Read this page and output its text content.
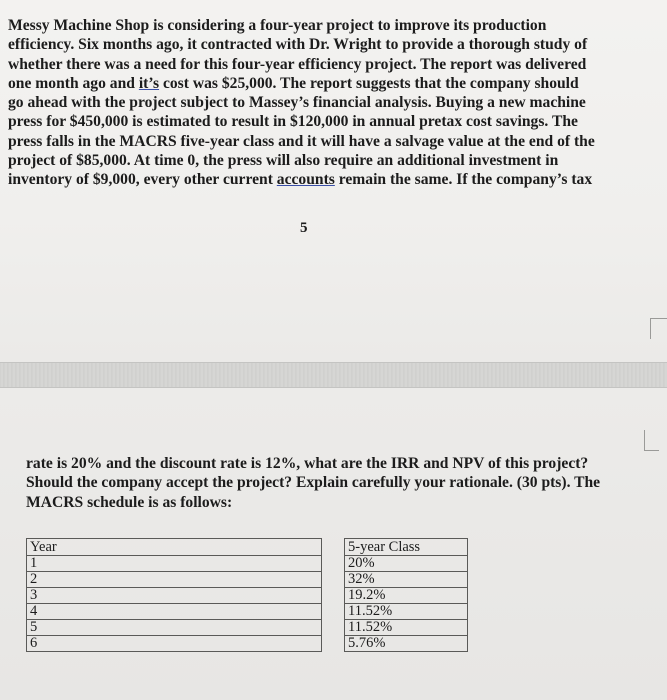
Messy Machine Shop is considering a four-year project to improve its production
efficiency. Six months ago, it contracted with Dr. Wright to provide a thorough study of
whether there was a need for this four-year efficiency project. The report was delivered
one month ago and it’s cost was $25,000. The report suggests that the company should
go ahead with the project subject to Massey’s financial analysis. Buying a new machine
press for $450,000 is estimated to result in $120,000 in annual pretax cost savings. The
press falls in the MACRS five-year class and it will have a salvage value at the end of the
project of $85,000. At time 0, the press will also require an additional investment in
inventory of $9,000, every other current accounts remain the same. If the company’s tax
5
rate is 20% and the discount rate is 12%, what are the IRR and NPV of this project?
Should the company accept the project? Explain carefully your rationale. (30 pts). The
MACRS schedule is as follows:
Year		5-year Class
1		20%
2		32%
3		19.2%
4		11.52%
5		11.52%
6		5.76%
